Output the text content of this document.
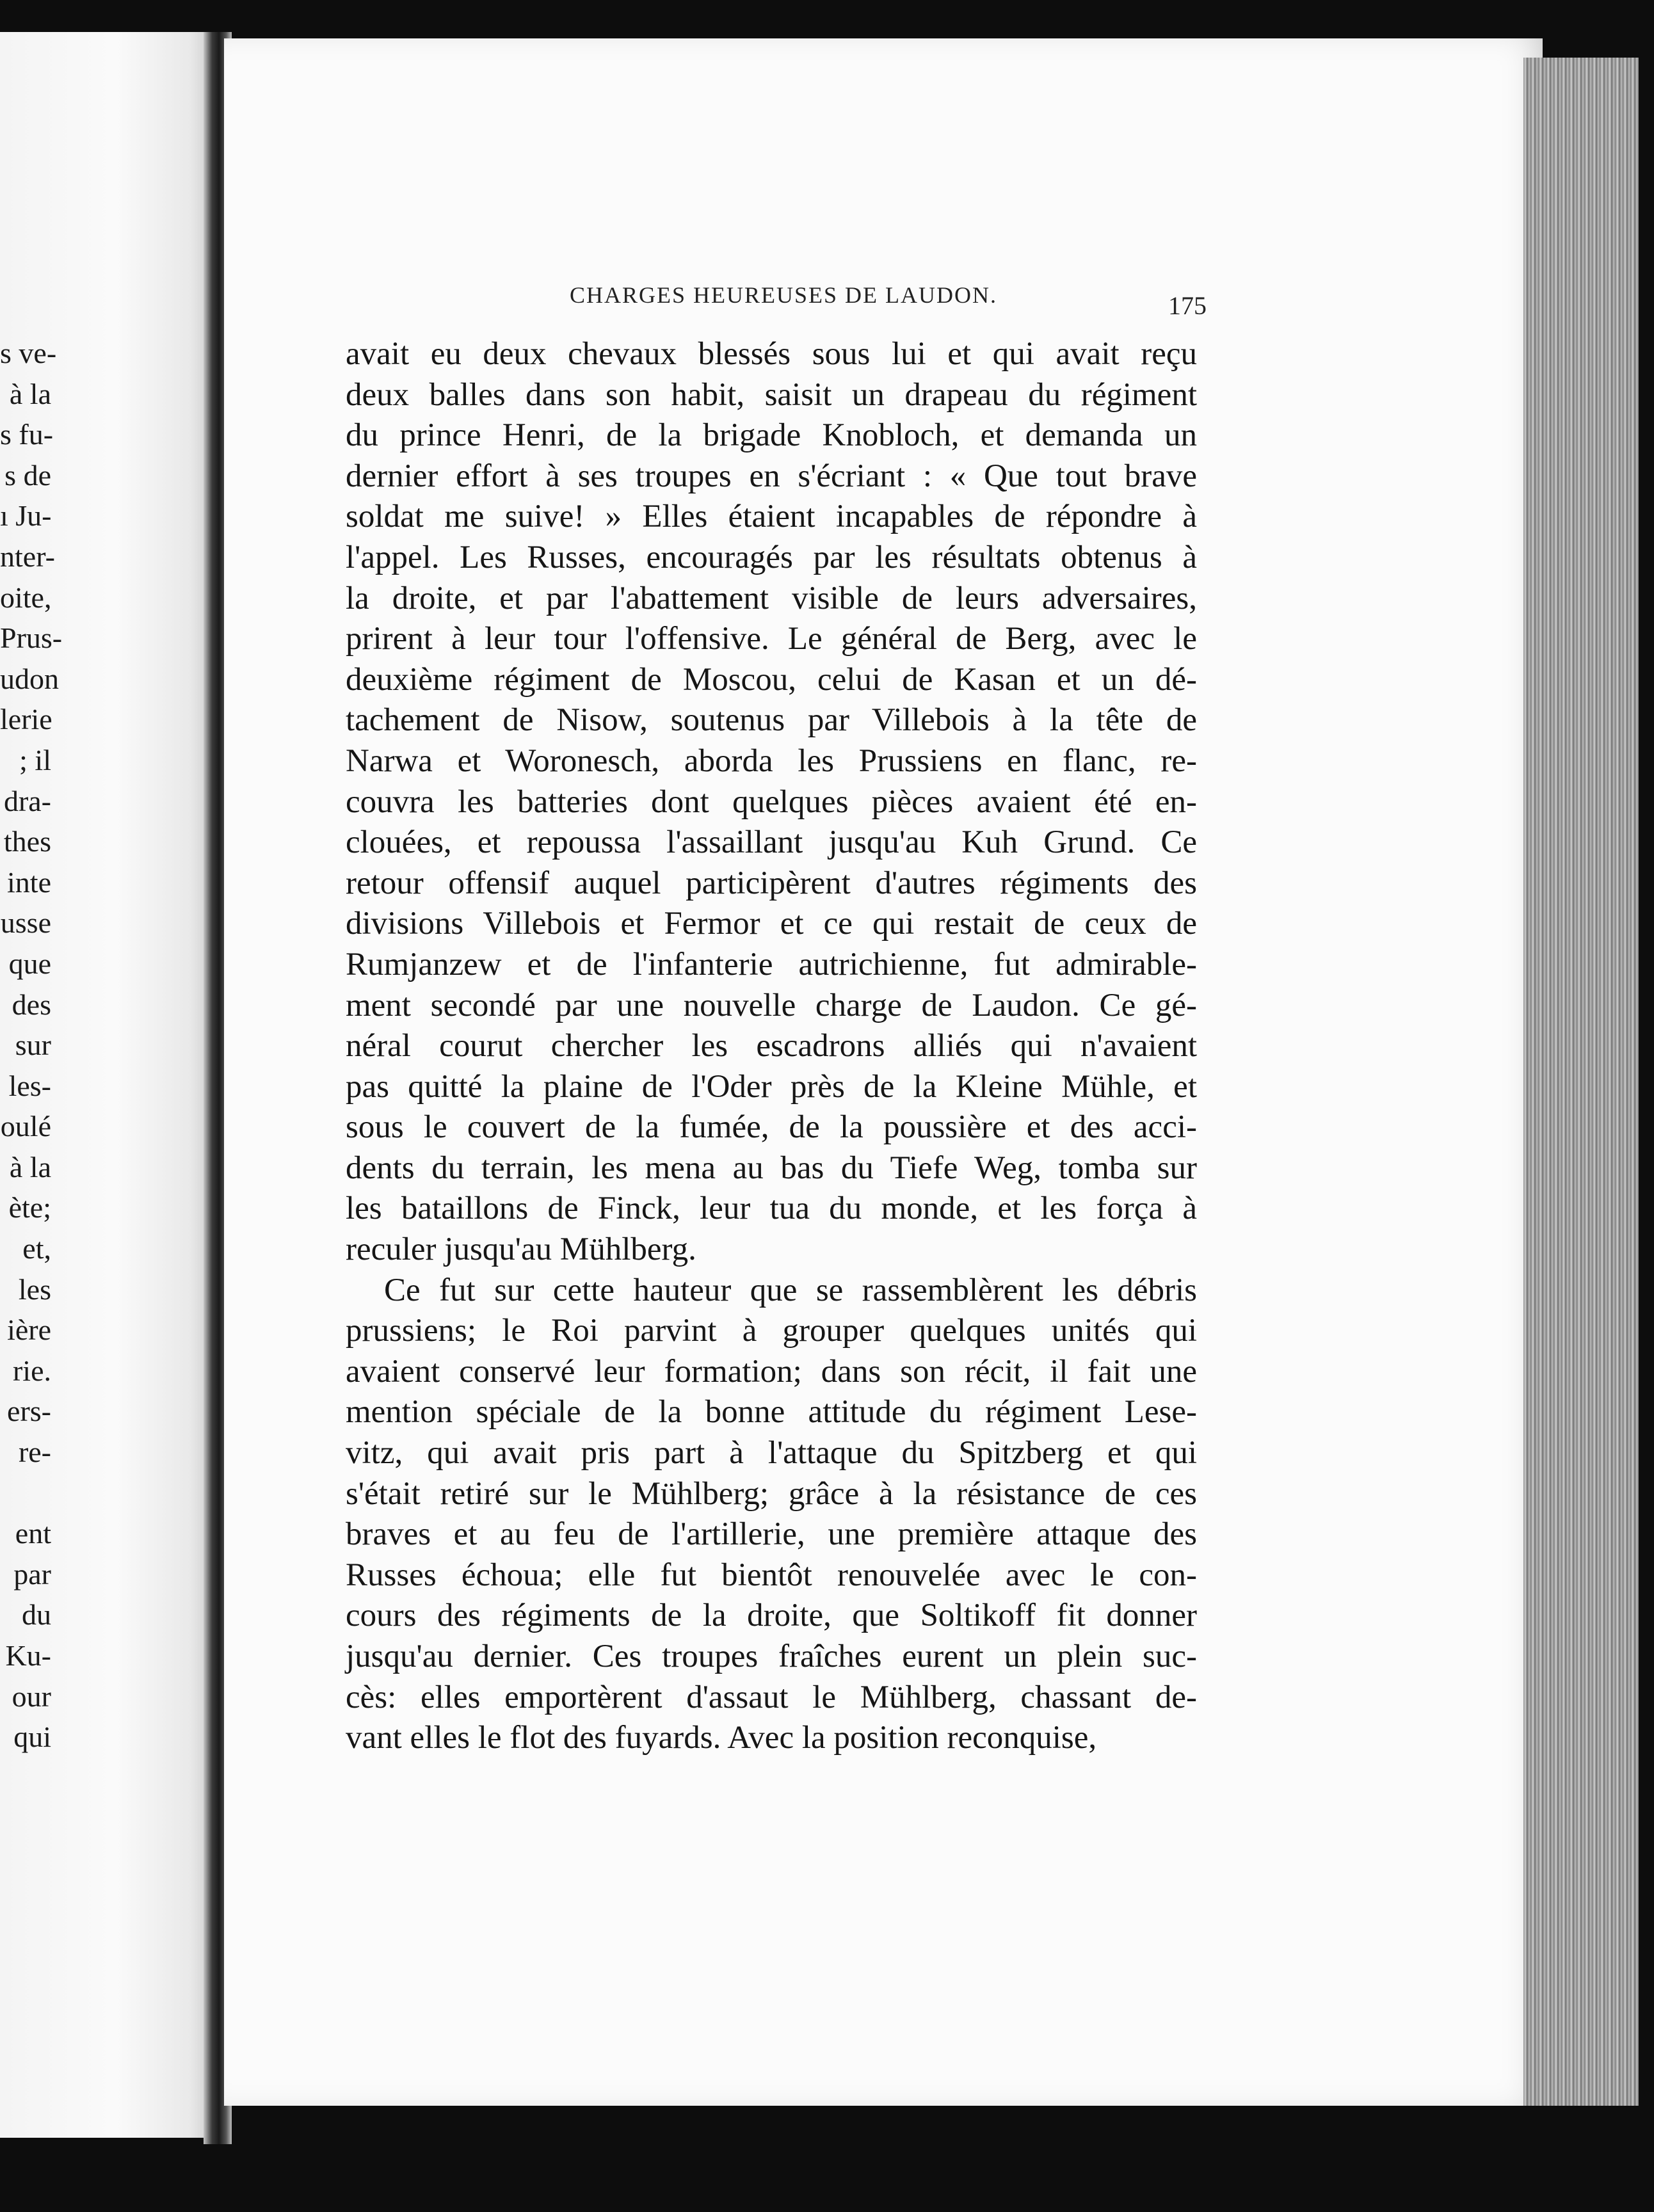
s ve-
à la
s fu-
s de
ı Ju-
nter-
oite,
Prus-
udon
lerie
; il
dra-
thes
inte
usse
que
des
sur
les-
oulé
à la
ète;
et,
les
ière
rie.
ers-
re-
ent
par
du
Ku-
our
qui
CHARGES HEUREUSES DE LAUDON.	175

avait eu deux chevaux blessés sous lui et qui avait reçu
deux balles dans son habit, saisit un drapeau du régiment
du prince Henri, de la brigade Knobloch, et demanda un
dernier effort à ses troupes en s'écriant : « Que tout brave
soldat me suive! » Elles étaient incapables de répondre à
l'appel. Les Russes, encouragés par les résultats obtenus à
la droite, et par l'abattement visible de leurs adversaires,
prirent à leur tour l'offensive. Le général de Berg, avec le
deuxième régiment de Moscou, celui de Kasan et un dé-
tachement de Nisow, soutenus par Villebois à la tête de
Narwa et Woronesch, aborda les Prussiens en flanc, re-
couvra les batteries dont quelques pièces avaient été en-
clouées, et repoussa l'assaillant jusqu'au Kuh Grund. Ce
retour offensif auquel participèrent d'autres régiments des
divisions Villebois et Fermor et ce qui restait de ceux de
Rumjanzew et de l'infanterie autrichienne, fut admirable-
ment secondé par une nouvelle charge de Laudon. Ce gé-
néral courut chercher les escadrons alliés qui n'avaient
pas quitté la plaine de l'Oder près de la Kleine Mühle, et
sous le couvert de la fumée, de la poussière et des acci-
dents du terrain, les mena au bas du Tiefe Weg, tomba sur
les bataillons de Finck, leur tua du monde, et les força à
reculer jusqu'au Mühlberg.

Ce fut sur cette hauteur que se rassemblèrent les débris
prussiens; le Roi parvint à grouper quelques unités qui
avaient conservé leur formation; dans son récit, il fait une
mention spéciale de la bonne attitude du régiment Lese-
vitz, qui avait pris part à l'attaque du Spitzberg et qui
s'était retiré sur le Mühlberg; grâce à la résistance de ces
braves et au feu de l'artillerie, une première attaque des
Russes échoua; elle fut bientôt renouvelée avec le con-
cours des régiments de la droite, que Soltikoff fit donner
jusqu'au dernier. Ces troupes fraîches eurent un plein suc-
cès: elles emportèrent d'assaut le Mühlberg, chassant de-
vant elles le flot des fuyards. Avec la position reconquise,
